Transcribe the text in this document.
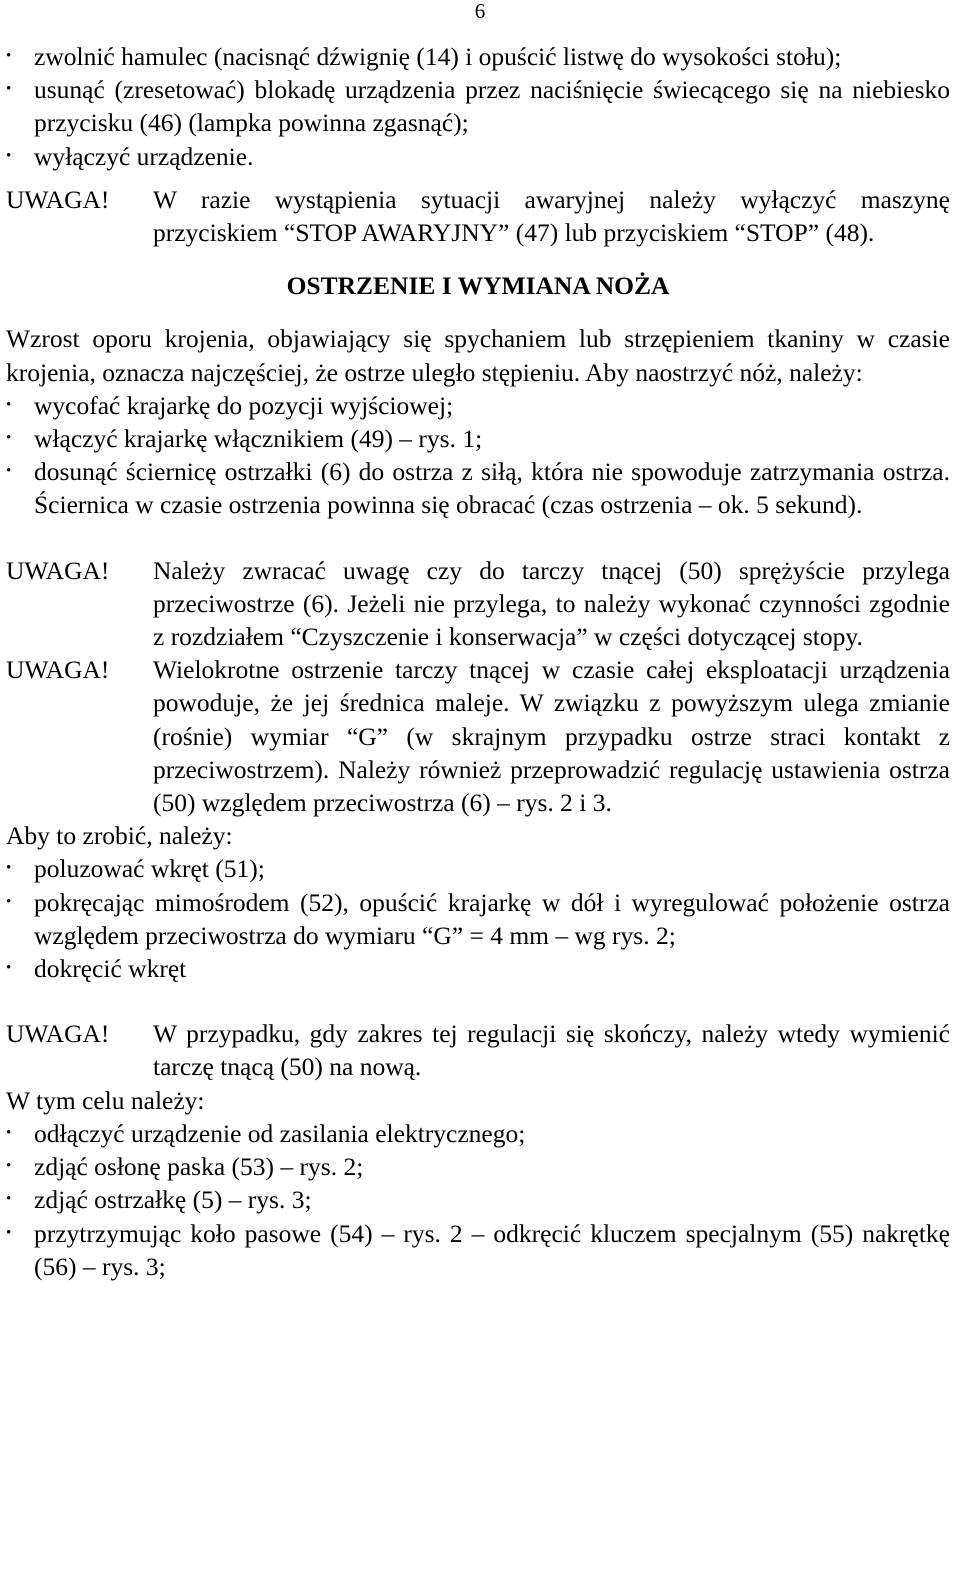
6
• zwolnić hamulec (nacisnąć dźwignię (14) i opuścić listwę do wysokości stołu);
• usunąć (zresetować) blokadę urządzenia przez naciśnięcie świecącego się na niebiesko przycisku (46) (lampka powinna zgasnąć);
• wyłączyć urządzenie.
UWAGA!	W razie wystąpienia sytuacji awaryjnej należy wyłączyć maszynę przyciskiem “STOP AWARYJNY” (47) lub przyciskiem “STOP” (48).

OSTRZENIE I WYMIANA NOŻA

Wzrost oporu krojenia, objawiający się spychaniem lub strzępieniem tkaniny w czasie krojenia, oznacza najczęściej, że ostrze uległo stępieniu. Aby naostrzyć nóż, należy:

• wycofać krajarkę do pozycji wyjściowej;
• włączyć krajarkę włącznikiem (49) – rys. 1;
• dosunąć ściernicę ostrzałki (6) do ostrza z siłą, która nie spowoduje zatrzymania ostrza. Ściernica w czasie ostrzenia powinna się obracać (czas ostrzenia – ok. 5 sekund).
UWAGA!	Należy zwracać uwagę czy do tarczy tnącej (50) sprężyście przylega przeciwostrze (6). Jeżeli nie przylega, to należy wykonać czynności zgodnie z rozdziałem “Czyszczenie i konserwacja” w części dotyczącej stopy.
UWAGA!	Wielokrotne ostrzenie tarczy tnącej w czasie całej eksploatacji urządzenia powoduje, że jej średnica maleje. W związku z powyższym ulega zmianie (rośnie) wymiar “G” (w skrajnym przypadku ostrze straci kontakt z przeciwostrzem). Należy również przeprowadzić regulację ustawienia ostrza (50) względem przeciwostrza (6) – rys. 2 i 3.

Aby to zrobić, należy:

• poluzować wkręt (51);
• pokręcając mimośrodem (52), opuścić krajarkę w dół i wyregulować położenie ostrza względem przeciwostrza do wymiaru “G” = 4 mm – wg rys. 2;
• dokręcić wkręt
UWAGA!	W przypadku, gdy zakres tej regulacji się skończy, należy wtedy wymienić tarczę tnącą (50) na nową.

W tym celu należy:

• odłączyć urządzenie od zasilania elektrycznego;
• zdjąć osłonę paska (53) – rys. 2;
• zdjąć ostrzałkę (5) – rys. 3;
• przytrzymując koło pasowe (54) – rys. 2 – odkręcić kluczem specjalnym (55) nakrętkę (56) – rys. 3;
